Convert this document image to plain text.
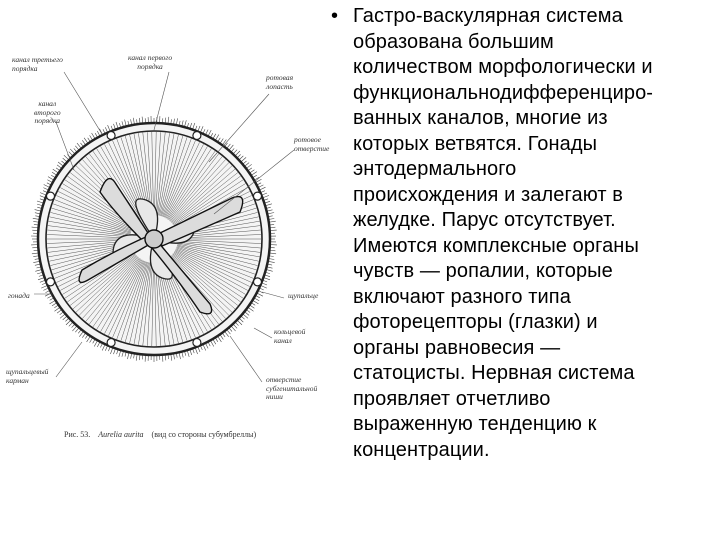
канал третьего
порядка
канал первого
порядка
ротовая
лопасть
канал
второго
порядка
ротовое
отверстие
гонада	щупальце
кольцевой
канал
щупальцевый
карман	отверстие
субгенитальной
ниши
Рис. 53. Aurelia aurita (вид со стороны субумбреллы)
• Гастро-васкулярная система
образована большим
количеством морфологически и
функциональнодифференциро-
ванных каналов, многие из
которых ветвятся. Гонады
энтодермального
происхождения и залегают в
желудке. Парус отсутствует.
Имеются комплексные органы
чувств — ропалии, которые
включают разного типа
фоторецепторы (глазки) и
органы равновесия —
статоцисты. Нервная система
проявляет отчетливо
выраженную тенденцию к
концентрации.
